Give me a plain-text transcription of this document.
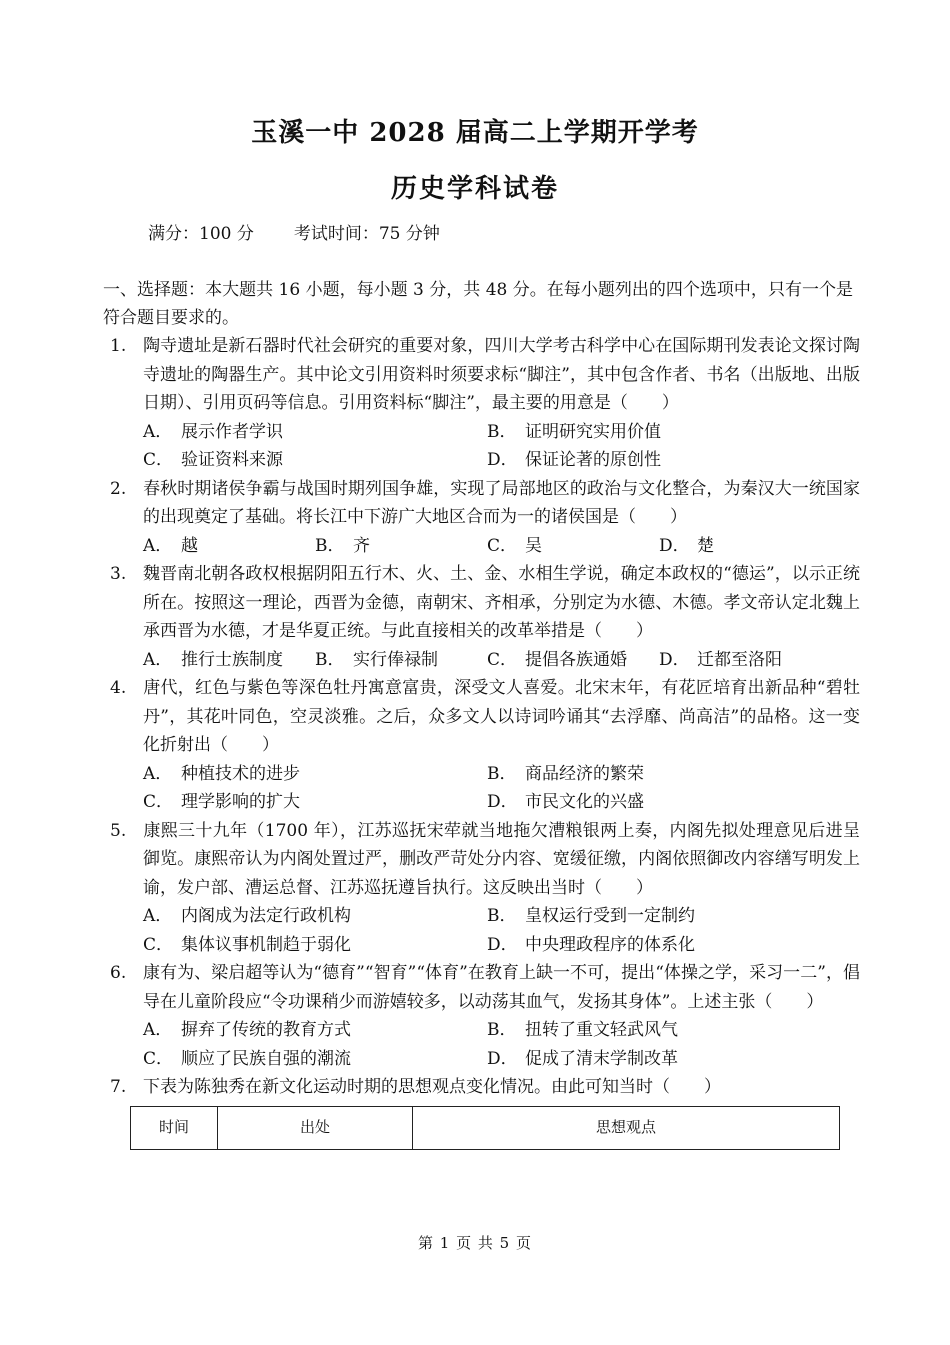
玉溪一中 2028 届高二上学期开学考
历史学科试卷
满分：100 分 考试时间：75 分钟
一、选择题：本大题共 16 小题，每小题 3 分，共 48 分。在每小题列出的四个选项中，只有一个是符合题目要求的。
1. 陶寺遗址是新石器时代社会研究的重要对象，四川大学考古科学中心在国际期刊发表论文探讨陶寺遗址的陶器生产。其中论文引用资料时须要求标“脚注”，其中包含作者、书名（出版地、出版日期）、引用页码等信息。引用资料标“脚注”，最主要的用意是（　　）
A． 展示作者学识	B． 证明研究实用价值
C． 验证资料来源	D． 保证论著的原创性
2. 春秋时期诸侯争霸与战国时期列国争雄，实现了局部地区的政治与文化整合，为秦汉大一统国家的出现奠定了基础。将长江中下游广大地区合而为一的诸侯国是（　　）
A． 越	B． 齐	C． 吴	D． 楚
3. 魏晋南北朝各政权根据阴阳五行木、火、土、金、水相生学说，确定本政权的“德运”，以示正统所在。按照这一理论，西晋为金德，南朝宋、齐相承，分别定为水德、木德。孝文帝认定北魏上承西晋为水德，才是华夏正统。与此直接相关的改革举措是（　　）
A． 推行士族制度	B． 实行俸禄制	C． 提倡各族通婚	D． 迁都至洛阳
4. 唐代，红色与紫色等深色牡丹寓意富贵，深受文人喜爱。北宋末年，有花匠培育出新品种“碧牡丹”，其花叶同色，空灵淡雅。之后，众多文人以诗词吟诵其“去浮靡、尚高洁”的品格。这一变化折射出（　　）
A． 种植技术的进步	B． 商品经济的繁荣
C． 理学影响的扩大	D． 市民文化的兴盛
5. 康熙三十九年（1700 年），江苏巡抚宋荦就当地拖欠漕粮银两上奏，内阁先拟处理意见后进呈御览。康熙帝认为内阁处置过严，删改严苛处分内容、宽缓征缴，内阁依照御改内容缮写明发上谕，发户部、漕运总督、江苏巡抚遵旨执行。这反映出当时（　　）
A． 内阁成为法定行政机构	B． 皇权运行受到一定制约
C． 集体议事机制趋于弱化	D． 中央理政程序的体系化
6. 康有为、梁启超等认为“德育”“智育”“体育”在教育上缺一不可，提出“体操之学，采习一二”，倡导在儿童阶段应“令功课稍少而游嬉较多，以动荡其血气，发扬其身体”。上述主张（　　）
A． 摒弃了传统的教育方式	B． 扭转了重文轻武风气
C． 顺应了民族自强的潮流	D． 促成了清末学制改革
7. 下表为陈独秀在新文化运动时期的思想观点变化情况。由此可知当时（　　）
时间	出处	思想观点
第 1 页 共 5 页
